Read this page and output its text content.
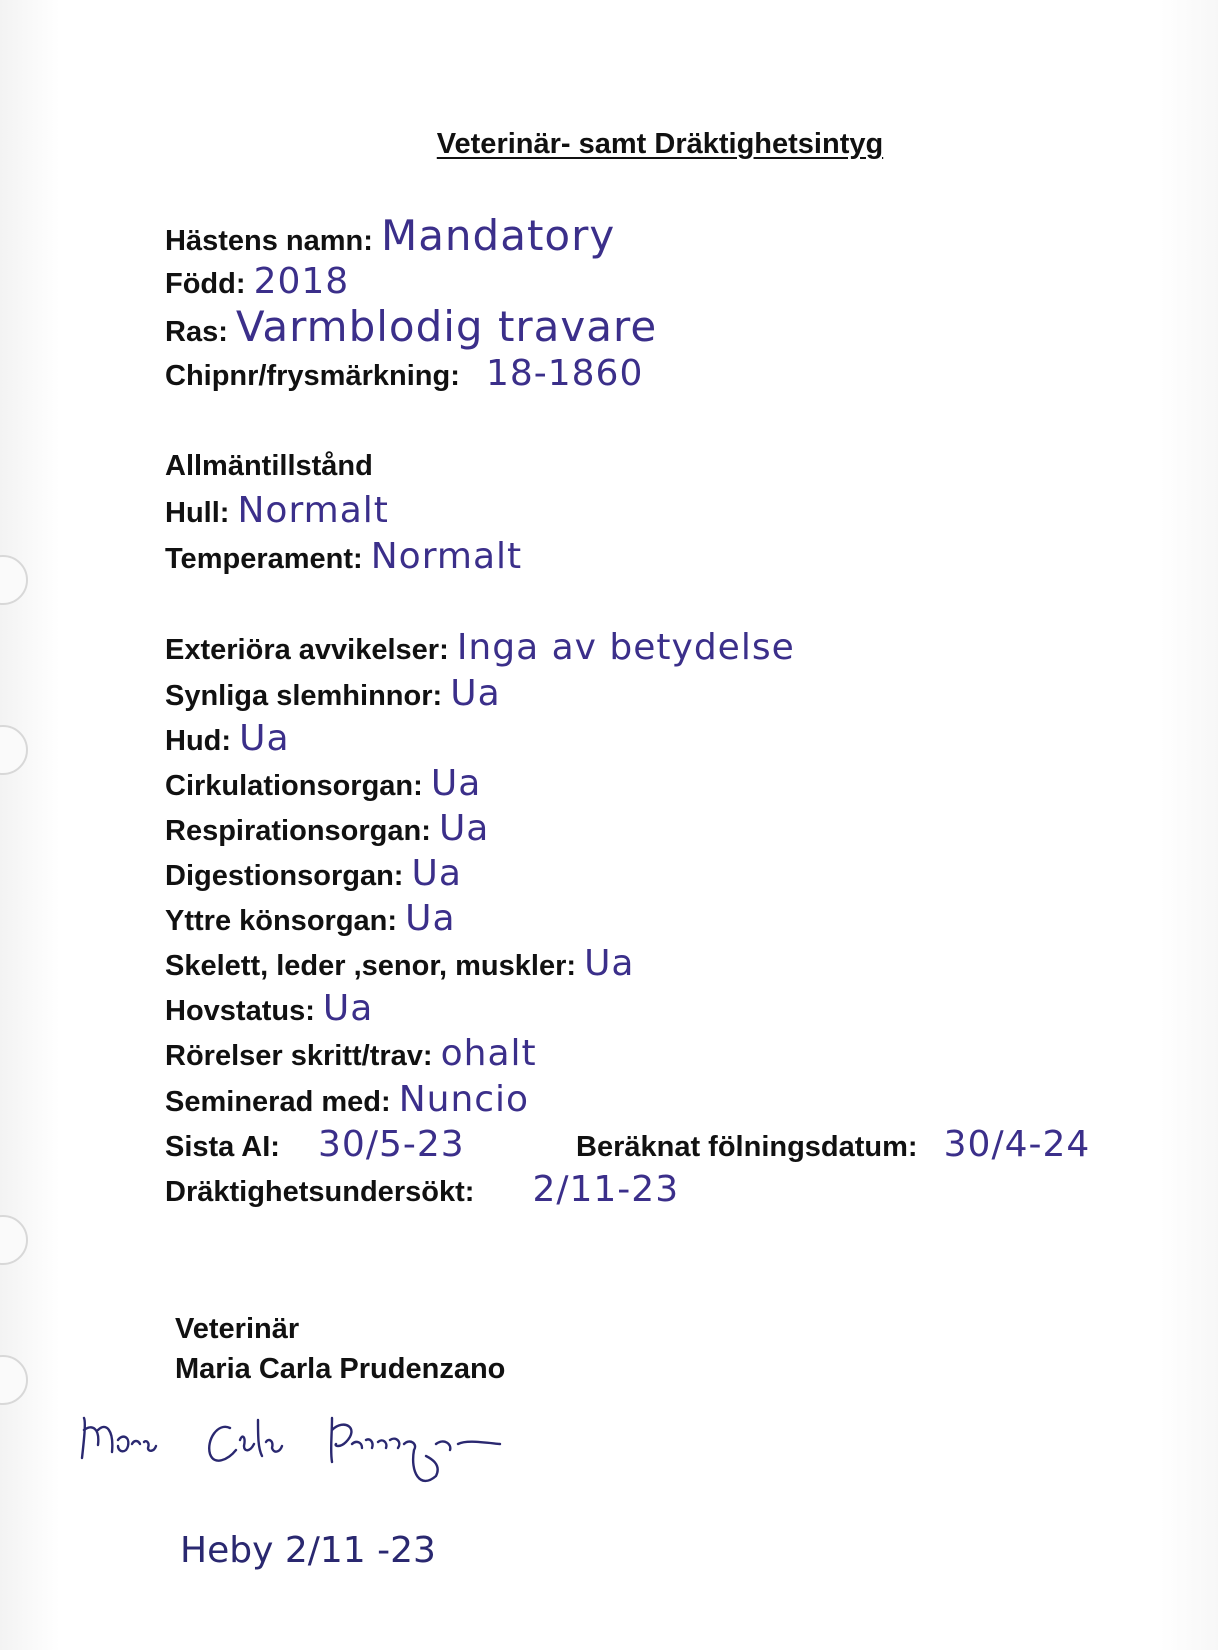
Veterinär- samt Dräktighetsintyg
Hästens namn: Mandatory
Född: 2018
Ras: Varmblodig travare
Chipnr/frysmärkning: 18-1860
Allmäntillstånd
Hull: Normalt
Temperament: Normalt
Exteriöra avvikelser: Inga av betydelse
Synliga slemhinnor: Ua
Hud: Ua
Cirkulationsorgan: Ua
Respirationsorgan: Ua
Digestionsorgan: Ua
Yttre könsorgan: Ua
Skelett, leder ,senor, muskler: Ua
Hovstatus: Ua
Rörelser skritt/trav: ohalt
Seminerad med: Nuncio
Sista AI: 30/5-23	Beräknat fölningsdatum: 30/4-24
Dräktighetsundersökt: 2/11-23
Veterinär
Maria Carla Prudenzano
Heby 2/11 -23
